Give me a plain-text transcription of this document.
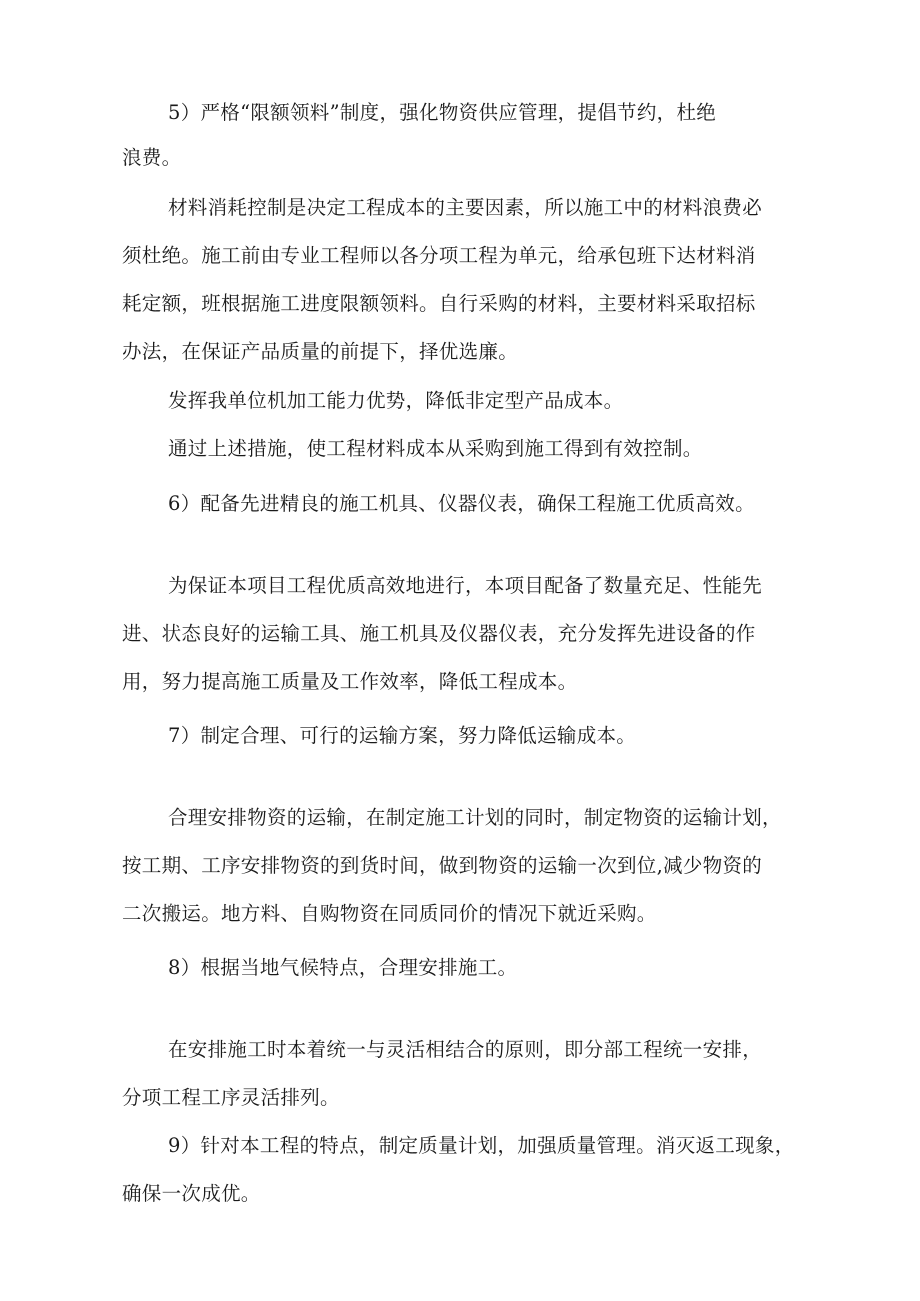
5）严格“限额领料”制度，强化物资供应管理，提倡节约，杜绝

浪费。

材料消耗控制是决定工程成本的主要因素，所以施工中的材料浪费必

须杜绝。施工前由专业工程师以各分项工程为单元，给承包班下达材料消

耗定额，班根据施工进度限额领料。自行采购的材料，主要材料采取招标

办法，在保证产品质量的前提下，择优选廉。

发挥我单位机加工能力优势，降低非定型产品成本。

通过上述措施，使工程材料成本从采购到施工得到有效控制。

6）配备先进精良的施工机具、仪器仪表，确保工程施工优质高效。

为保证本项目工程优质高效地进行，本项目配备了数量充足、性能先

进、状态良好的运输工具、施工机具及仪器仪表，充分发挥先进设备的作

用，努力提高施工质量及工作效率，降低工程成本。

7）制定合理、可行的运输方案，努力降低运输成本。

合理安排物资的运输，在制定施工计划的同时，制定物资的运输计划，

按工期、工序安排物资的到货时间，做到物资的运输一次到位,减少物资的

二次搬运。地方料、自购物资在同质同价的情况下就近采购。

8）根据当地气候特点，合理安排施工。

在安排施工时本着统一与灵活相结合的原则，即分部工程统一安排，

分项工程工序灵活排列。

9）针对本工程的特点，制定质量计划，加强质量管理。消灭返工现象，

确保一次成优。
